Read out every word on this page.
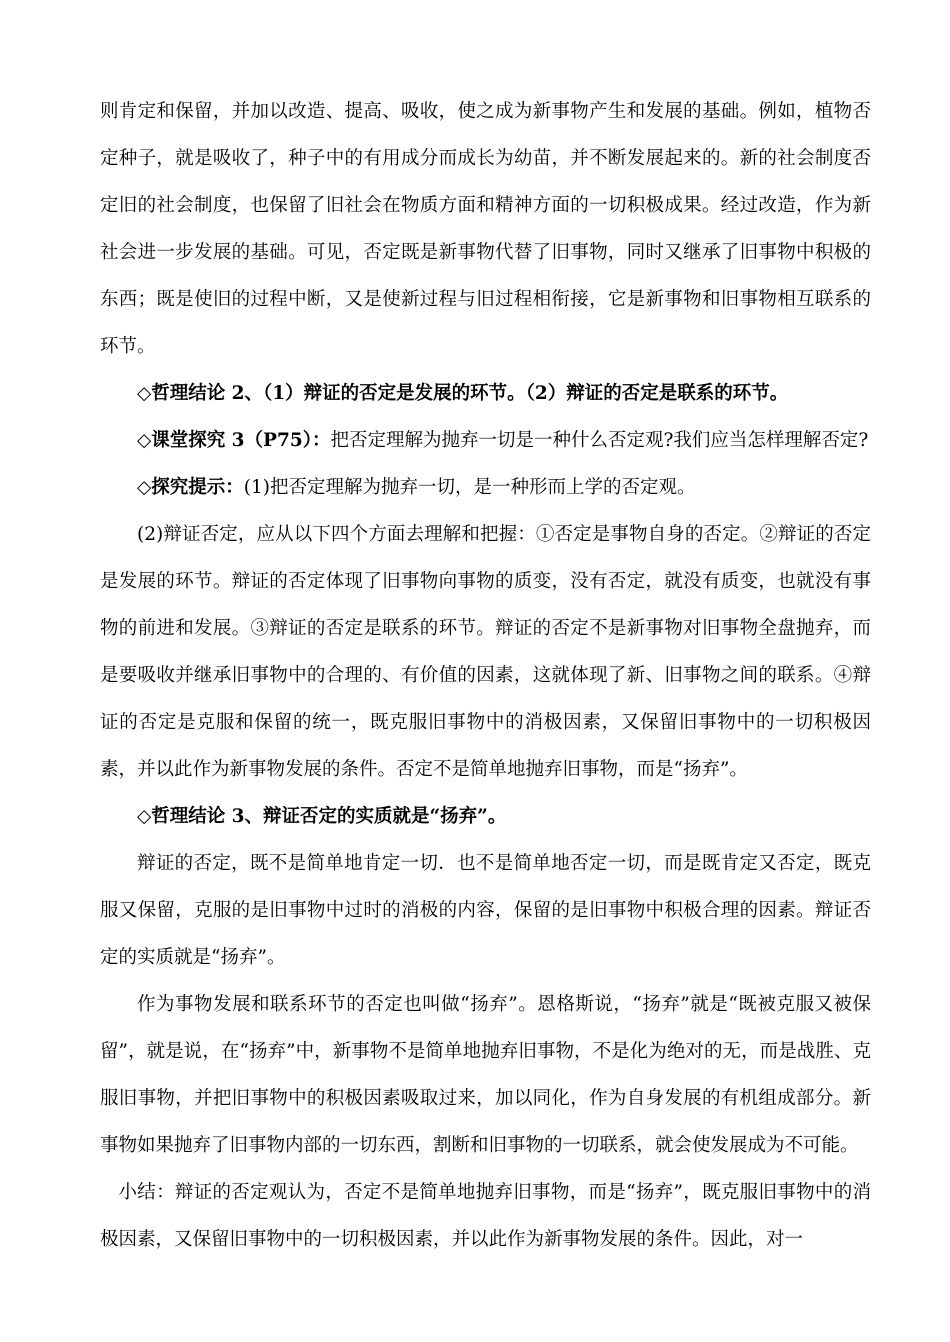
则肯定和保留，并加以改造、提高、吸收，使之成为新事物产生和发展的基础。例如，植物否定种子，就是吸收了，种子中的有用成分而成长为幼苗，并不断发展起来的。新的社会制度否定旧的社会制度，也保留了旧社会在物质方面和精神方面的一切积极成果。经过改造，作为新社会进一步发展的基础。可见，否定既是新事物代替了旧事物，同时又继承了旧事物中积极的东西；既是使旧的过程中断，又是使新过程与旧过程相衔接，它是新事物和旧事物相互联系的环节。

◇哲理结论 2、（1）辩证的否定是发展的环节。（2）辩证的否定是联系的环节。

◇课堂探究 3（P75）：把否定理解为抛弃一切是一种什么否定观?我们应当怎样理解否定?

◇探究提示：(1)把否定理解为抛弃一切，是一种形而上学的否定观。

(2)辩证否定，应从以下四个方面去理解和把握：①否定是事物自身的否定。②辩证的否定是发展的环节。辩证的否定体现了旧事物向事物的质变，没有否定，就没有质变，也就没有事物的前进和发展。③辩证的否定是联系的环节。辩证的否定不是新事物对旧事物全盘抛弃，而是要吸收并继承旧事物中的合理的、有价值的因素，这就体现了新、旧事物之间的联系。④辩证的否定是克服和保留的统一，既克服旧事物中的消极因素，又保留旧事物中的一切积极因素，并以此作为新事物发展的条件。否定不是简单地抛弃旧事物，而是“扬弃”。

◇哲理结论 3、辩证否定的实质就是“扬弃”。

辩证的否定，既不是简单地肯定一切．也不是简单地否定一切，而是既肯定又否定，既克服又保留，克服的是旧事物中过时的消极的内容，保留的是旧事物中积极合理的因素。辩证否定的实质就是“扬弃”。

作为事物发展和联系环节的否定也叫做“扬弃”。恩格斯说，“扬弃”就是“既被克服又被保留”，就是说，在“扬弃”中，新事物不是简单地抛弃旧事物，不是化为绝对的无，而是战胜、克服旧事物，并把旧事物中的积极因素吸取过来，加以同化，作为自身发展的有机组成部分。新事物如果抛弃了旧事物内部的一切东西，割断和旧事物的一切联系，就会使发展成为不可能。

小结：辩证的否定观认为，否定不是简单地抛弃旧事物，而是“扬弃”，既克服旧事物中的消极因素，又保留旧事物中的一切积极因素，并以此作为新事物发展的条件。因此，对一
